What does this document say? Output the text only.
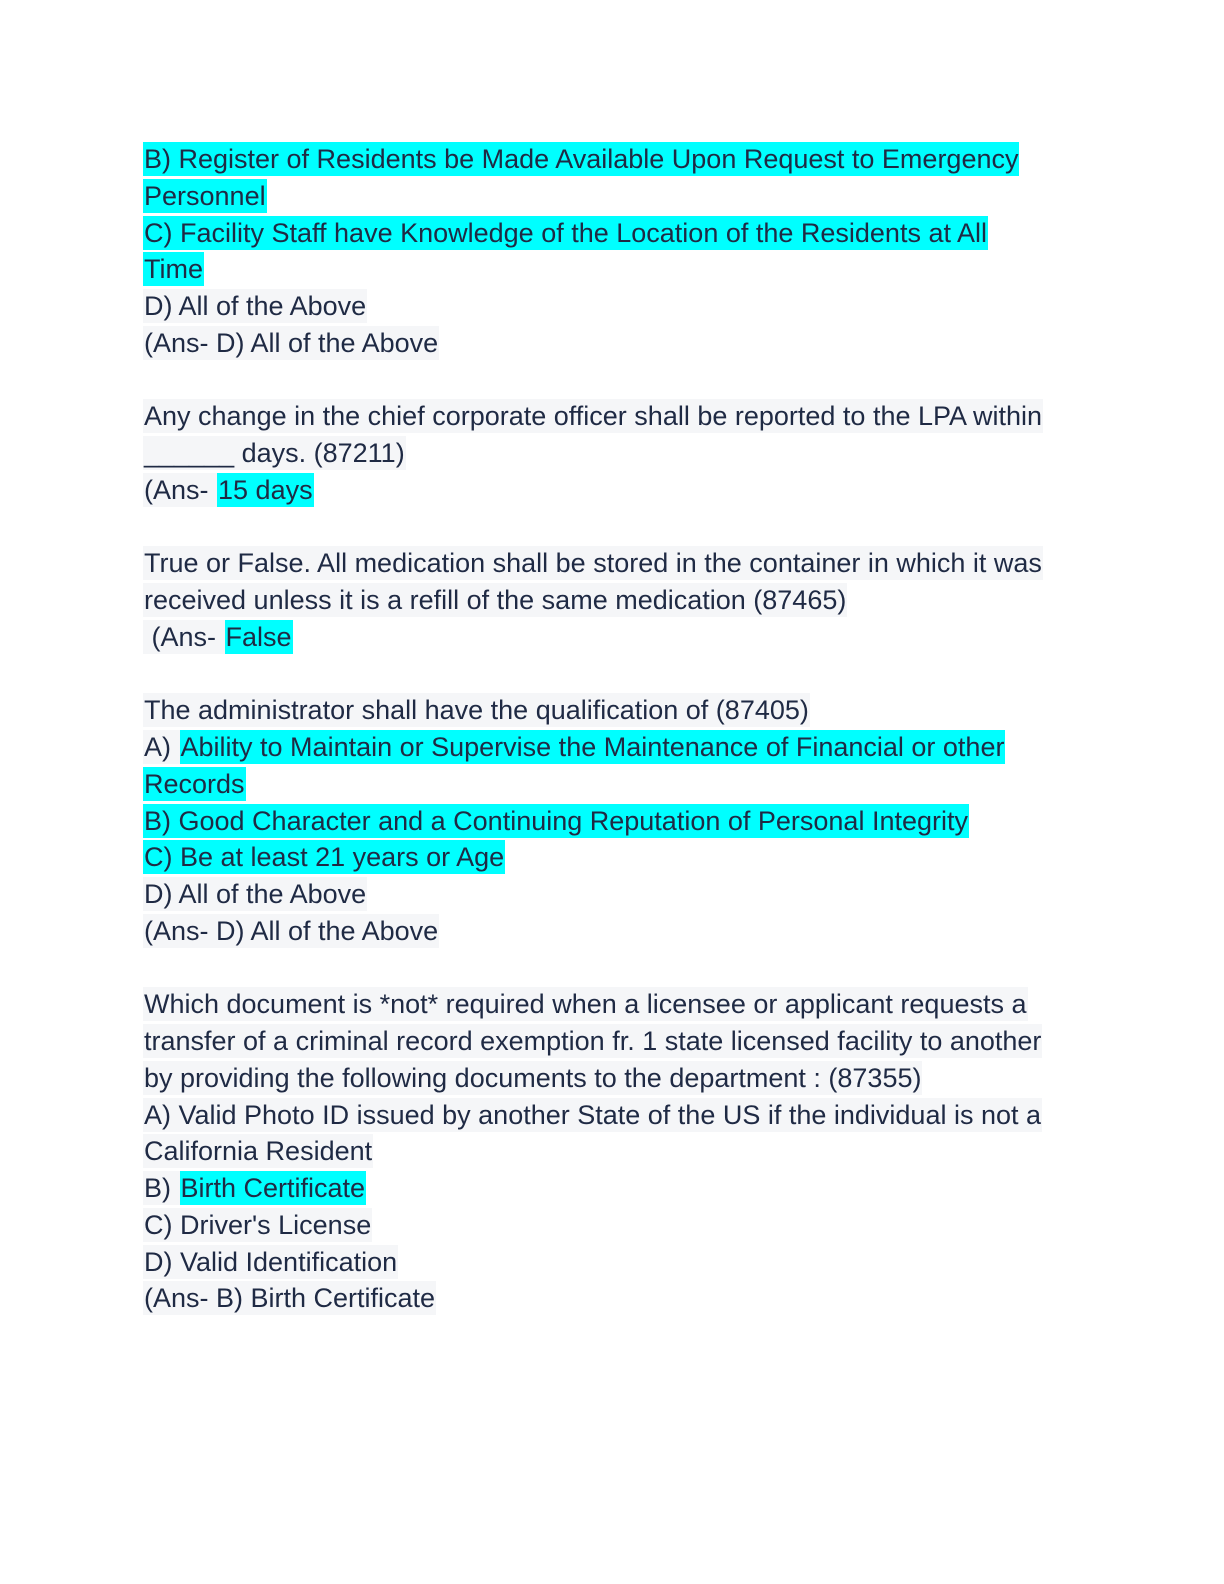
B) Register of Residents be Made Available Upon Request to Emergency
Personnel
C) Facility Staff have Knowledge of the Location of the Residents at All
Time
D) All of the Above
(Ans- D) All of the Above
Any change in the chief corporate officer shall be reported to the LPA within
______ days. (87211)
(Ans- 15 days
True or False. All medication shall be stored in the container in which it was
received unless it is a refill of the same medication (87465)
(Ans- False
The administrator shall have the qualification of (87405)
A) Ability to Maintain or Supervise the Maintenance of Financial or other
Records
B) Good Character and a Continuing Reputation of Personal Integrity
C) Be at least 21 years or Age
D) All of the Above
(Ans- D) All of the Above
Which document is *not* required when a licensee or applicant requests a
transfer of a criminal record exemption fr. 1 state licensed facility to another
by providing the following documents to the department : (87355)
A) Valid Photo ID issued by another State of the US if the individual is not a
California Resident
B) Birth Certificate
C) Driver's License
D) Valid Identification
(Ans- B) Birth Certificate
